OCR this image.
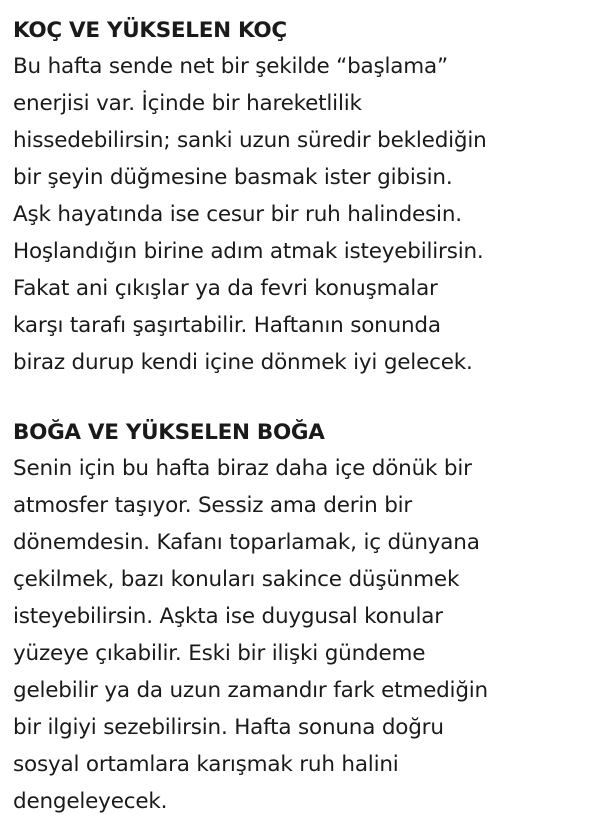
KOÇ VE YÜKSELEN KOÇ

Bu hafta sende net bir şekilde “başlama”
enerjisi var. İçinde bir hareketlilik
hissedebilirsin; sanki uzun süredir beklediğin
bir şeyin düğmesine basmak ister gibisin.
Aşk hayatında ise cesur bir ruh halindesin.
Hoşlandığın birine adım atmak isteyebilirsin.
Fakat ani çıkışlar ya da fevri konuşmalar
karşı tarafı şaşırtabilir. Haftanın sonunda
biraz durup kendi içine dönmek iyi gelecek.

BOĞA VE YÜKSELEN BOĞA

Senin için bu hafta biraz daha içe dönük bir
atmosfer taşıyor. Sessiz ama derin bir
dönemdesin. Kafanı toparlamak, iç dünyana
çekilmek, bazı konuları sakince düşünmek
isteyebilirsin. Aşkta ise duygusal konular
yüzeye çıkabilir. Eski bir ilişki gündeme
gelebilir ya da uzun zamandır fark etmediğin
bir ilgiyi sezebilirsin. Hafta sonuna doğru
sosyal ortamlara karışmak ruh halini
dengeleyecek.
